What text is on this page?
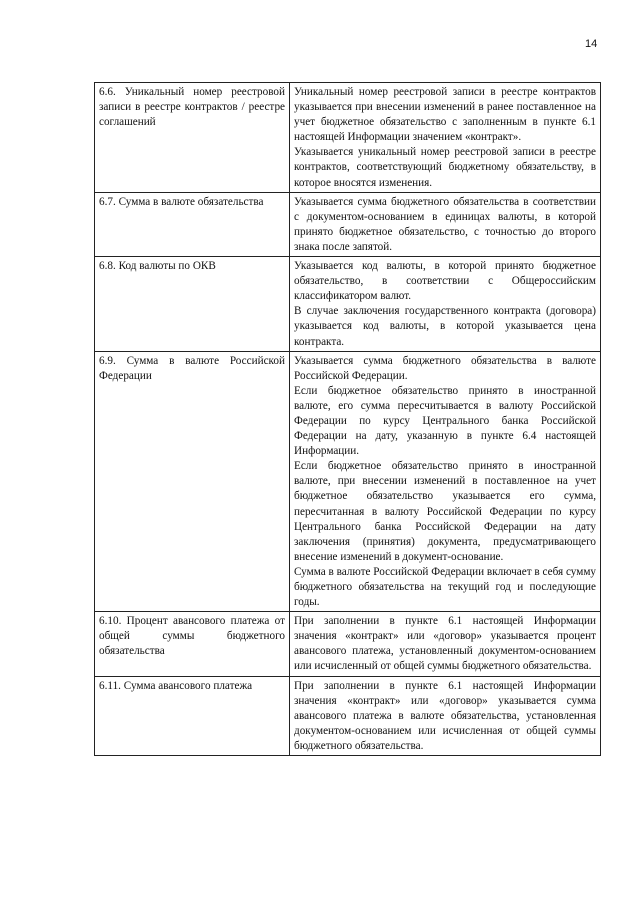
14
6.6. Уникальный номер реестровой записи в реестре контрактов / реестре соглашений	Уникальный номер реестровой записи в реестре контрактов указывается при внесении изменений в ранее поставленное на учет бюджетное обязательство с заполненным в пункте 6.1 настоящей Информации значением «контракт».

Указывается уникальный номер реестровой записи в реестре контрактов, соответствующий бюджетному обязательству, в которое вносятся изменения.

6.7. Сумма в валюте обязательства	Указывается сумма бюджетного обязательства в соответствии с документом-основанием в единицах валюты, в которой принято бюджетное обязательство, с точностью до второго знака после запятой.

6.8. Код валюты по ОКВ	Указывается код валюты, в которой принято бюджетное обязательство, в соответствии с Общероссийским классификатором валют.

В случае заключения государственного контракта (договора) указывается код валюты, в которой указывается цена контракта.

6.9. Сумма в валюте Российской Федерации	Указывается сумма бюджетного обязательства в валюте Российской Федерации.

Если бюджетное обязательство принято в иностранной валюте, его сумма пересчитывается в валюту Российской Федерации по курсу Центрального банка Российской Федерации на дату, указанную в пункте 6.4 настоящей Информации.

Если бюджетное обязательство принято в иностранной валюте, при внесении изменений в поставленное на учет бюджетное обязательство указывается его сумма, пересчитанная в валюту Российской Федерации по курсу Центрального банка Российской Федерации на дату заключения (принятия) документа, предусматривающего внесение изменений в документ-основание.

Сумма в валюте Российской Федерации включает в себя сумму бюджетного обязательства на текущий год и последующие годы.

6.10. Процент авансового платежа от общей суммы бюджетного обязательства	При заполнении в пункте 6.1 настоящей Информации значения «контракт» или «договор» указывается процент авансового платежа, установленный документом-основанием или исчисленный от общей суммы бюджетного обязательства.

6.11. Сумма авансового платежа	При заполнении в пункте 6.1 настоящей Информации значения «контракт» или «договор» указывается сумма авансового платежа в валюте обязательства, установленная документом-основанием или исчисленная от общей суммы бюджетного обязательства.
